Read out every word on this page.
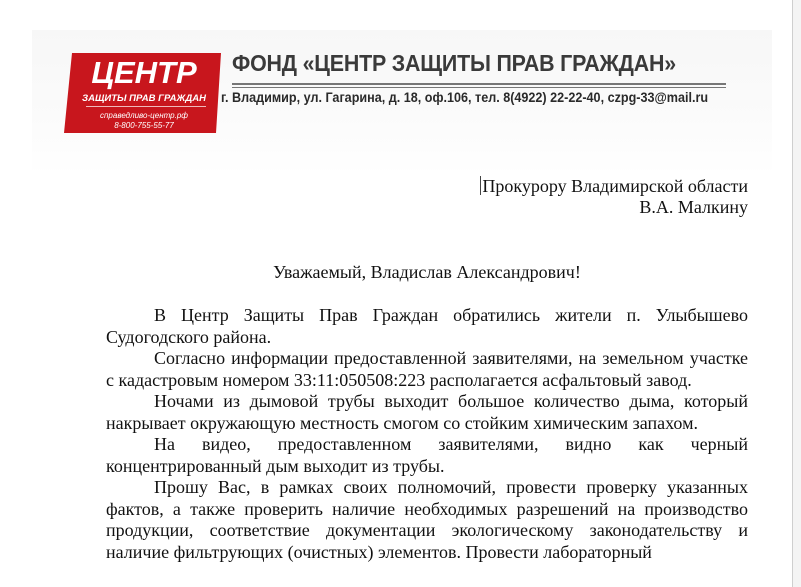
ЦЕНТР
ЗАЩИТЫ ПРАВ ГРАЖДАН
справедливо-центр.рф
8-800-755-55-77
ФОНД «ЦЕНТР ЗАЩИТЫ ПРАВ ГРАЖДАН»
г. Владимир, ул. Гагарина, д. 18, оф.106, тел. 8(4922) 22-22-40, czpg-33@mail.ru
Прокурору Владимирской области
В.А. Малкину
Уважаемый, Владислав Александрович!

В Центр Защиты Прав Граждан обратились жители п. Улыбышево Судогодского района.

Согласно информации предоставленной заявителями, на земельном участке с кадастровым номером 33:11:050508:223 располагается асфальтовый завод.

Ночами из дымовой трубы выходит большое количество дыма, который накрывает окружающую местность смогом со стойким химическим запахом.

На видео, предоставленном заявителями, видно как черный концентрированный дым выходит из трубы.

Прошу Вас, в рамках своих полномочий, провести проверку указанных фактов, а также проверить наличие необходимых разрешений на производство продукции, соответствие документации экологическому законодательству и наличие фильтрующих (очистных) элементов. Провести лабораторный
